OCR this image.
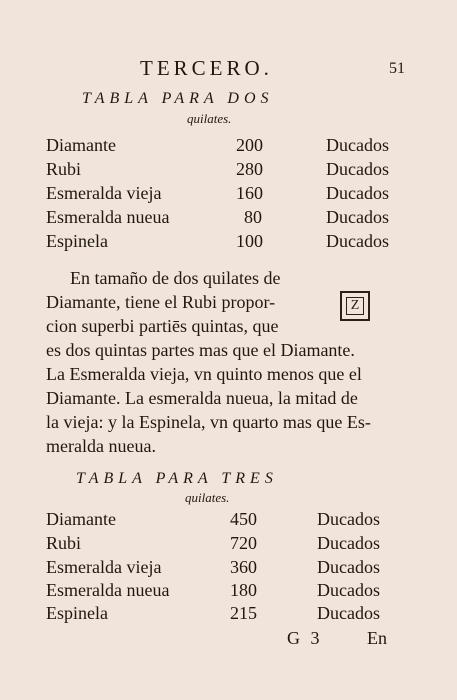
TERCERO.	51
TABLA PARA DOS
quilates.
Diamante	200	Ducados
Rubi	280	Ducados
Esmeralda vieja	160	Ducados
Esmeralda nueua	80	Ducados
Espinela	100	Ducados
En tamaño de dos quilates de
Diamante, tiene el Rubi propor-
cion superbi partiēs quintas, que
es dos quintas partes mas que el Diamante.
La Esmeralda vieja, vn quinto menos que el
Diamante. La esmeralda nueua, la mitad de
la vieja: y la Espinela, vn quarto mas que Es-
meralda nueua.
Z
TABLA PARA TRES
quilates.
Diamante	450	Ducados
Rubi	720	Ducados
Esmeralda vieja	360	Ducados
Esmeralda nueua	180	Ducados
Espinela	215	Ducados
G 3 En
